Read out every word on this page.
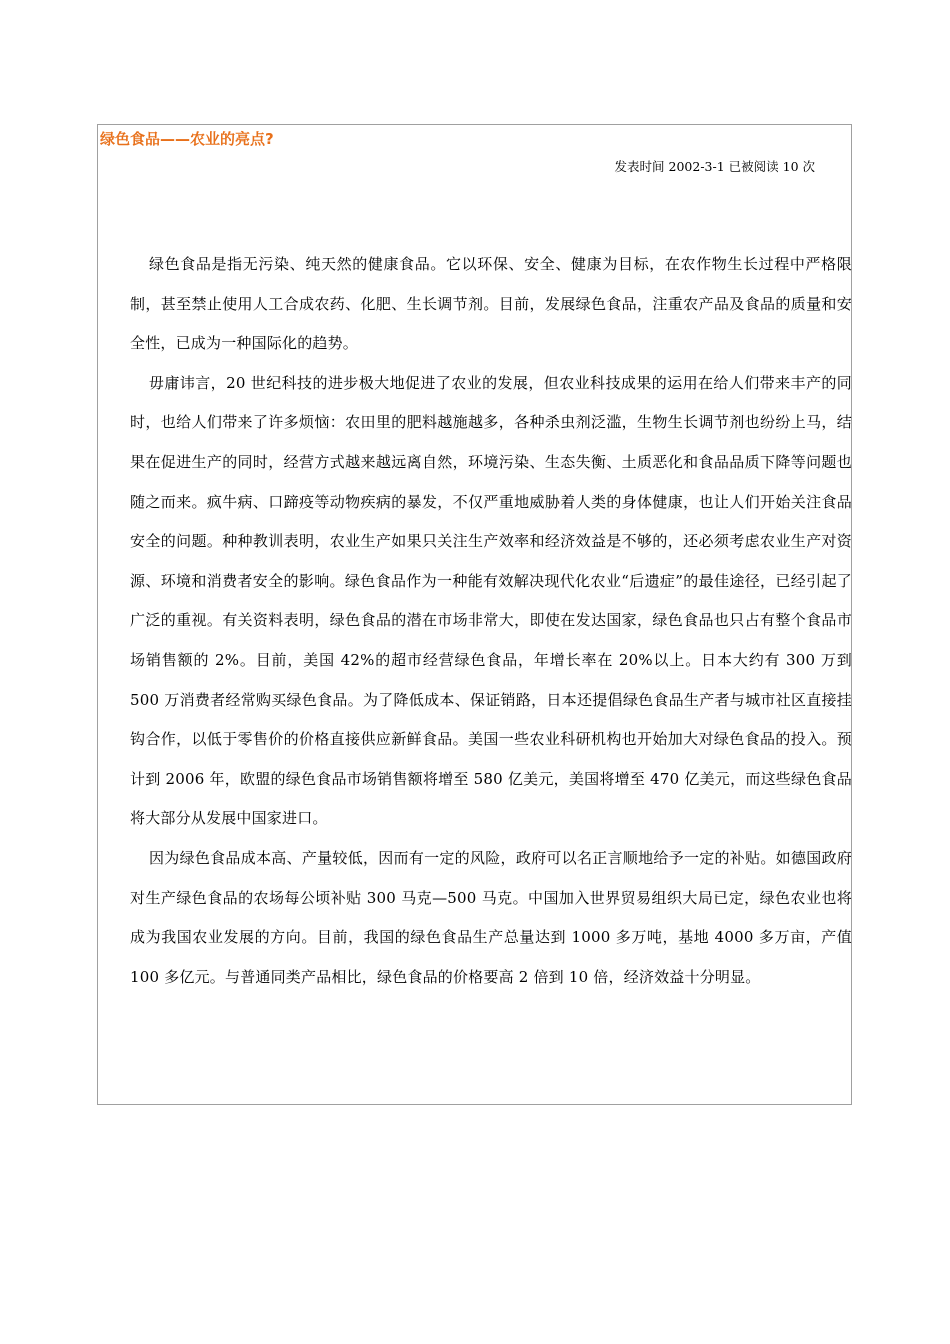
绿色食品——农业的亮点?
发表时间 2002-3-1 已被阅读 10 次

绿色食品是指无污染、纯天然的健康食品。它以环保、安全、健康为目标，在农作物生长过程中严格限制，甚至禁止使用人工合成农药、化肥、生长调节剂。目前，发展绿色食品，注重农产品及食品的质量和安全性，已成为一种国际化的趋势。

毋庸讳言，20 世纪科技的进步极大地促进了农业的发展，但农业科技成果的运用在给人们带来丰产的同时，也给人们带来了许多烦恼：农田里的肥料越施越多，各种杀虫剂泛滥，生物生长调节剂也纷纷上马，结果在促进生产的同时，经营方式越来越远离自然，环境污染、生态失衡、土质恶化和食品品质下降等问题也随之而来。疯牛病、口蹄疫等动物疾病的暴发，不仅严重地威胁着人类的身体健康，也让人们开始关注食品安全的问题。种种教训表明，农业生产如果只关注生产效率和经济效益是不够的，还必须考虑农业生产对资源、环境和消费者安全的影响。绿色食品作为一种能有效解决现代化农业“后遗症”的最佳途径，已经引起了广泛的重视。有关资料表明，绿色食品的潜在市场非常大，即使在发达国家，绿色食品也只占有整个食品市场销售额的 2%。目前，美国 42%的超市经营绿色食品，年增长率在 20%以上。日本大约有 300 万到 500 万消费者经常购买绿色食品。为了降低成本、保证销路，日本还提倡绿色食品生产者与城市社区直接挂钩合作，以低于零售价的价格直接供应新鲜食品。美国一些农业科研机构也开始加大对绿色食品的投入。预计到 2006 年，欧盟的绿色食品市场销售额将增至 580 亿美元，美国将增至 470 亿美元，而这些绿色食品将大部分从发展中国家进口。

因为绿色食品成本高、产量较低，因而有一定的风险，政府可以名正言顺地给予一定的补贴。如德国政府对生产绿色食品的农场每公顷补贴 300 马克—500 马克。中国加入世界贸易组织大局已定，绿色农业也将成为我国农业发展的方向。目前，我国的绿色食品生产总量达到 1000 多万吨，基地 4000 多万亩，产值 100 多亿元。与普通同类产品相比，绿色食品的价格要高 2 倍到 10 倍，经济效益十分明显。
